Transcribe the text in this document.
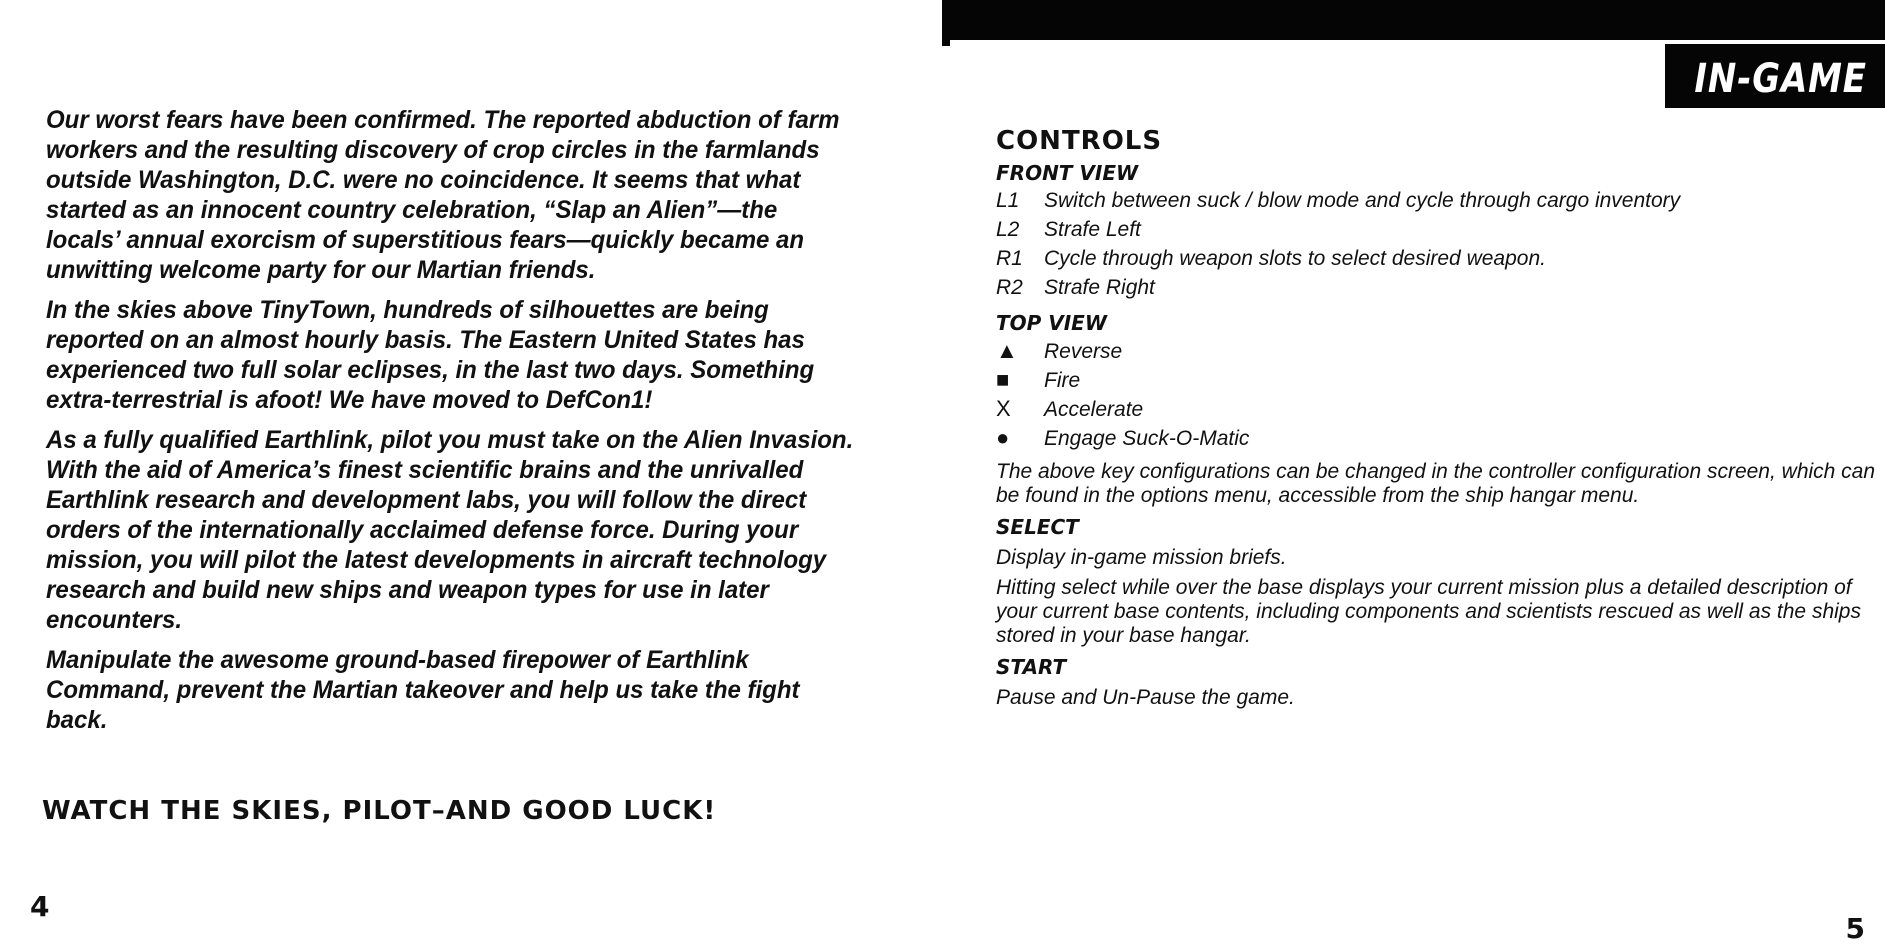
Our worst fears have been confirmed. The reported abduction of farm workers and the resulting discovery of crop circles in the farmlands outside Washington, D.C. were no coincidence. It seems that what started as an innocent country celebration, “Slap an Alien”—the locals’ annual exorcism of superstitious fears—quickly became an unwitting welcome party for our Martian friends.

In the skies above TinyTown, hundreds of silhouettes are being reported on an almost hourly basis. The Eastern United States has experienced two full solar eclipses, in the last two days. Something extra-terrestrial is afoot! We have moved to DefCon1!

As a fully qualified Earthlink, pilot you must take on the Alien Invasion. With the aid of America’s finest scientific brains and the unrivalled Earthlink research and development labs, you will follow the direct orders of the internationally acclaimed defense force. During your mission, you will pilot the latest developments in aircraft technology research and build new ships and weapon types for use in later encounters.

Manipulate the awesome ground-based firepower of Earthlink Command, prevent the Martian takeover and help us take the fight back.

WATCH THE SKIES, PILOT–AND GOOD LUCK!
4
IN-GAME
CONTROLS
FRONT VIEW
L1	Switch between suck / blow mode and cycle through cargo inventory
L2	Strafe Left
R1	Cycle through weapon slots to select desired weapon.
R2	Strafe Right
TOP VIEW
▲	Reverse
■	Fire
X	Accelerate
●	Engage Suck-O-Matic
The above key configurations can be changed in the controller configuration screen, which can be found in the options menu, accessible from the ship hangar menu.
SELECT
Display in-game mission briefs.
Hitting select while over the base displays your current mission plus a detailed description of your current base contents, including components and scientists rescued as well as the ships stored in your base hangar.
START
Pause and Un-Pause the game.
5
